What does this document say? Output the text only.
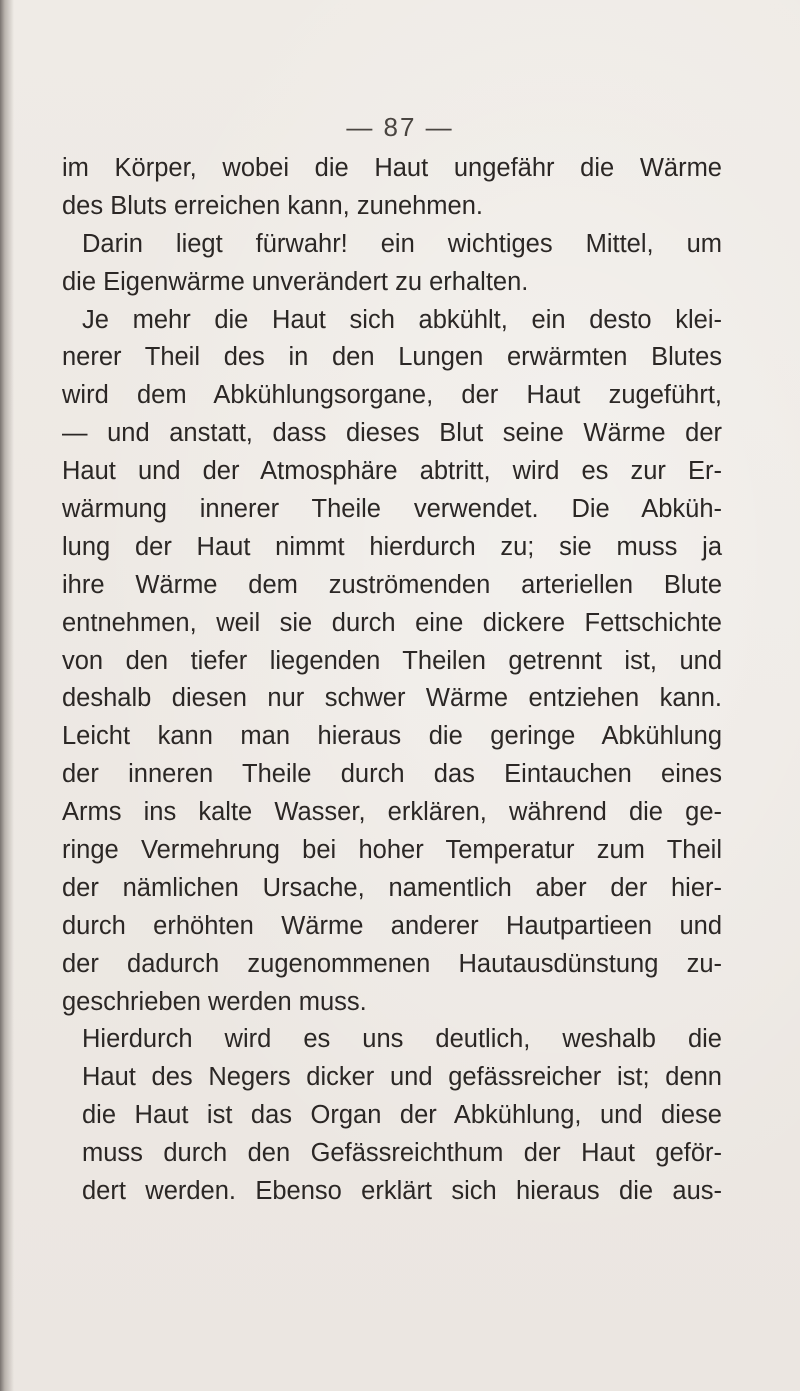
— 87 —
im Körper, wobei die Haut ungefähr die Wärme
des Bluts erreichen kann, zunehmen.
Darin liegt fürwahr! ein wichtiges Mittel, um
die Eigenwärme unverändert zu erhalten.
Je mehr die Haut sich abkühlt, ein desto klei-
nerer Theil des in den Lungen erwärmten Blutes
wird dem Abkühlungsorgane, der Haut zugeführt,
— und anstatt, dass dieses Blut seine Wärme der
Haut und der Atmosphäre abtritt, wird es zur Er-
wärmung innerer Theile verwendet. Die Abküh-
lung der Haut nimmt hierdurch zu; sie muss ja
ihre Wärme dem zuströmenden arteriellen Blute
entnehmen, weil sie durch eine dickere Fettschichte
von den tiefer liegenden Theilen getrennt ist, und
deshalb diesen nur schwer Wärme entziehen kann.
Leicht kann man hieraus die geringe Abkühlung
der inneren Theile durch das Eintauchen eines
Arms ins kalte Wasser, erklären, während die ge-
ringe Vermehrung bei hoher Temperatur zum Theil
der nämlichen Ursache, namentlich aber der hier-
durch erhöhten Wärme anderer Hautpartieen und
der dadurch zugenommenen Hautausdünstung zu-
geschrieben werden muss.
Hierdurch wird es uns deutlich, weshalb die
Haut des Negers dicker und gefässreicher ist; denn
die Haut ist das Organ der Abkühlung, und diese
muss durch den Gefässreichthum der Haut geför-
dert werden. Ebenso erklärt sich hieraus die aus-
